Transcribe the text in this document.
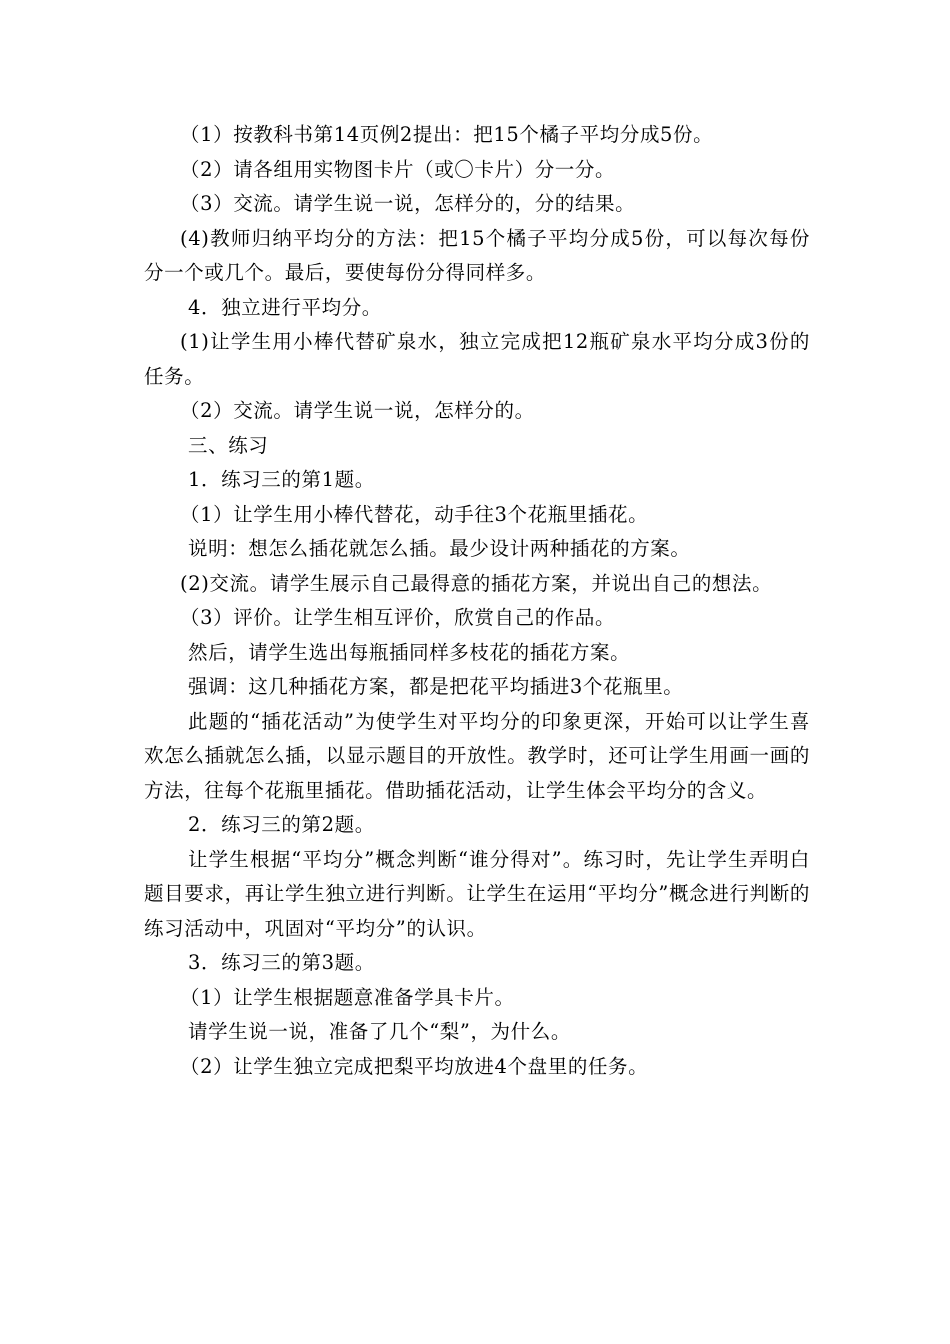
（1）按教科书第14页例2提出：把15个橘子平均分成5份。

（2）请各组用实物图卡片（或〇卡片）分一分。

（3）交流。请学生说一说，怎样分的，分的结果。

(4)教师归纳平均分的方法：把15个橘子平均分成5份，可以每次每份分一个或几个。最后，要使每份分得同样多。

4．独立进行平均分。

(1)让学生用小棒代替矿泉水，独立完成把12瓶矿泉水平均分成3份的任务。

（2）交流。请学生说一说，怎样分的。

三、练习

1．练习三的第1题。

（1）让学生用小棒代替花，动手往3个花瓶里插花。

说明：想怎么插花就怎么插。最少设计两种插花的方案。

(2)交流。请学生展示自己最得意的插花方案，并说出自己的想法。

（3）评价。让学生相互评价，欣赏自己的作品。

然后，请学生选出每瓶插同样多枝花的插花方案。

强调：这几种插花方案，都是把花平均插进3个花瓶里。

此题的“插花活动”为使学生对平均分的印象更深，开始可以让学生喜欢怎么插就怎么插，以显示题目的开放性。教学时，还可让学生用画一画的方法，往每个花瓶里插花。借助插花活动，让学生体会平均分的含义。

2．练习三的第2题。

让学生根据“平均分”概念判断“谁分得对”。练习时，先让学生弄明白题目要求，再让学生独立进行判断。让学生在运用“平均分”概念进行判断的练习活动中，巩固对“平均分”的认识。

3．练习三的第3题。

（1）让学生根据题意准备学具卡片。

请学生说一说，准备了几个“梨”，为什么。

（2）让学生独立完成把梨平均放进4个盘里的任务。
